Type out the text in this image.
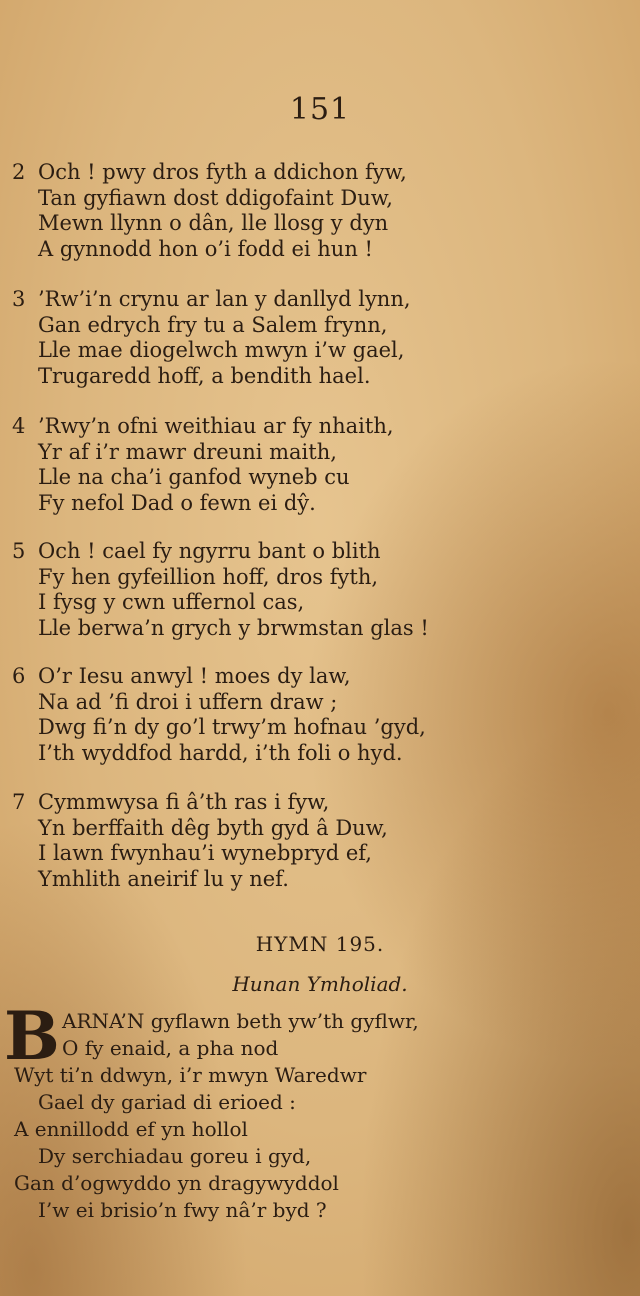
151
2 Och ! pwy dros fyth a ddichon fyw,
Tan gyfiawn dost ddigofaint Duw,
Mewn llynn o dân, lle llosg y dyn
A gynnodd hon o’i fodd ei hun !
3 ’Rw’i’n crynu ar lan y danllyd lynn,
Gan edrych fry tu a Salem frynn,
Lle mae diogelwch mwyn i’w gael,
Trugaredd hoff, a bendith hael.
4 ’Rwy’n ofni weithiau ar fy nhaith,
Yr af i’r mawr dreuni maith,
Lle na cha’i ganfod wyneb cu
Fy nefol Dad o fewn ei dŷ.
5 Och ! cael fy ngyrru bant o blith
Fy hen gyfeillion hoff, dros fyth,
I fysg y cwn uffernol cas,
Lle berwa’n grych y brwmstan glas !
6 O’r Iesu anwyl ! moes dy law,
Na ad ’fi droi i uffern draw ;
Dwg fi’n dy go’l trwy’m hofnau ’gyd,
I’th wyddfod hardd, i’th foli o hyd.
7 Cymmwysa fi â’th ras i fyw,
Yn berffaith dêg byth gyd â Duw,
I lawn fwynhau’i wynebpryd ef,
Ymhlith aneirif lu y nef.
HYMN 195.
Hunan Ymholiad.
B ARNA’N gyflawn beth yw’th gyflwr,
O fy enaid, a pha nod
Wyt ti’n ddwyn, i’r mwyn Waredwr
Gael dy gariad di erioed :
A ennillodd ef yn hollol
Dy serchiadau goreu i gyd,
Gan d’ogwyddo yn dragywyddol
I’w ei brisio’n fwy nâ’r byd ?
